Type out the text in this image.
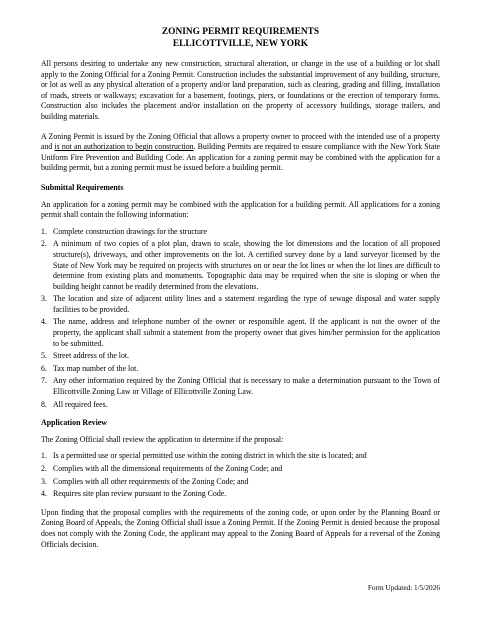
ZONING PERMIT REQUIREMENTS
ELLICOTTVILLE, NEW YORK

All persons desiring to undertake any new construction, structural alteration, or change in the use of a building or lot shall apply to the Zoning Official for a Zoning Permit. Construction includes the substantial improvement of any building, structure, or lot as well as any physical alteration of a property and/or land preparation, such as clearing, grading and filling, installation of roads, streets or walkways; excavation for a basement, footings, piers, or foundations or the erection of temporary forms. Construction also includes the placement and/or installation on the property of accessory buildings, storage trailers, and building materials.

A Zoning Permit is issued by the Zoning Official that allows a property owner to proceed with the intended use of a property and is not an authorization to begin construction. Building Permits are required to ensure compliance with the New York State Uniform Fire Prevention and Building Code. An application for a zoning permit may be combined with the application for a building permit, but a zoning permit must be issued before a building permit.

Submittal Requirements

An application for a zoning permit may be combined with the application for a building permit. All applications for a zoning permit shall contain the following information:

1. Complete construction drawings for the structure
2. A minimum of two copies of a plot plan, drawn to scale, showing the lot dimensions and the location of all proposed structure(s), driveways, and other improvements on the lot. A certified survey done by a land surveyor licensed by the State of New York may be required on projects with structures on or near the lot lines or when the lot lines are difficult to determine from existing plats and monuments. Topographic data may be required when the site is sloping or when the building height cannot be readily determined from the elevations.
3. The location and size of adjacent utility lines and a statement regarding the type of sewage disposal and water supply facilities to be provided.
4. The name, address and telephone number of the owner or responsible agent. If the applicant is not the owner of the property, the applicant shall submit a statement from the property owner that gives him/her permission for the application to be submitted.
5. Street address of the lot.
6. Tax map number of the lot.
7. Any other information required by the Zoning Official that is necessary to make a determination pursuant to the Town of Ellicottville Zoning Law or Village of Ellicottville Zoning Law.
8. All required fees.
Application Review

The Zoning Official shall review the application to determine if the proposal:

1. Is a permitted use or special permitted use within the zoning district in which the site is located; and
2. Complies with all the dimensional requirements of the Zoning Code; and
3. Complies with all other requirements of the Zoning Code; and
4. Requires site plan review pursuant to the Zoning Code.

Upon finding that the proposal complies with the requirements of the zoning code, or upon order by the Planning Board or Zoning Board of Appeals, the Zoning Official shall issue a Zoning Permit. If the Zoning Permit is denied because the proposal does not comply with the Zoning Code, the applicant may appeal to the Zoning Board of Appeals for a reversal of the Zoning Officials decision.

Form Updated: 1/5/2026
